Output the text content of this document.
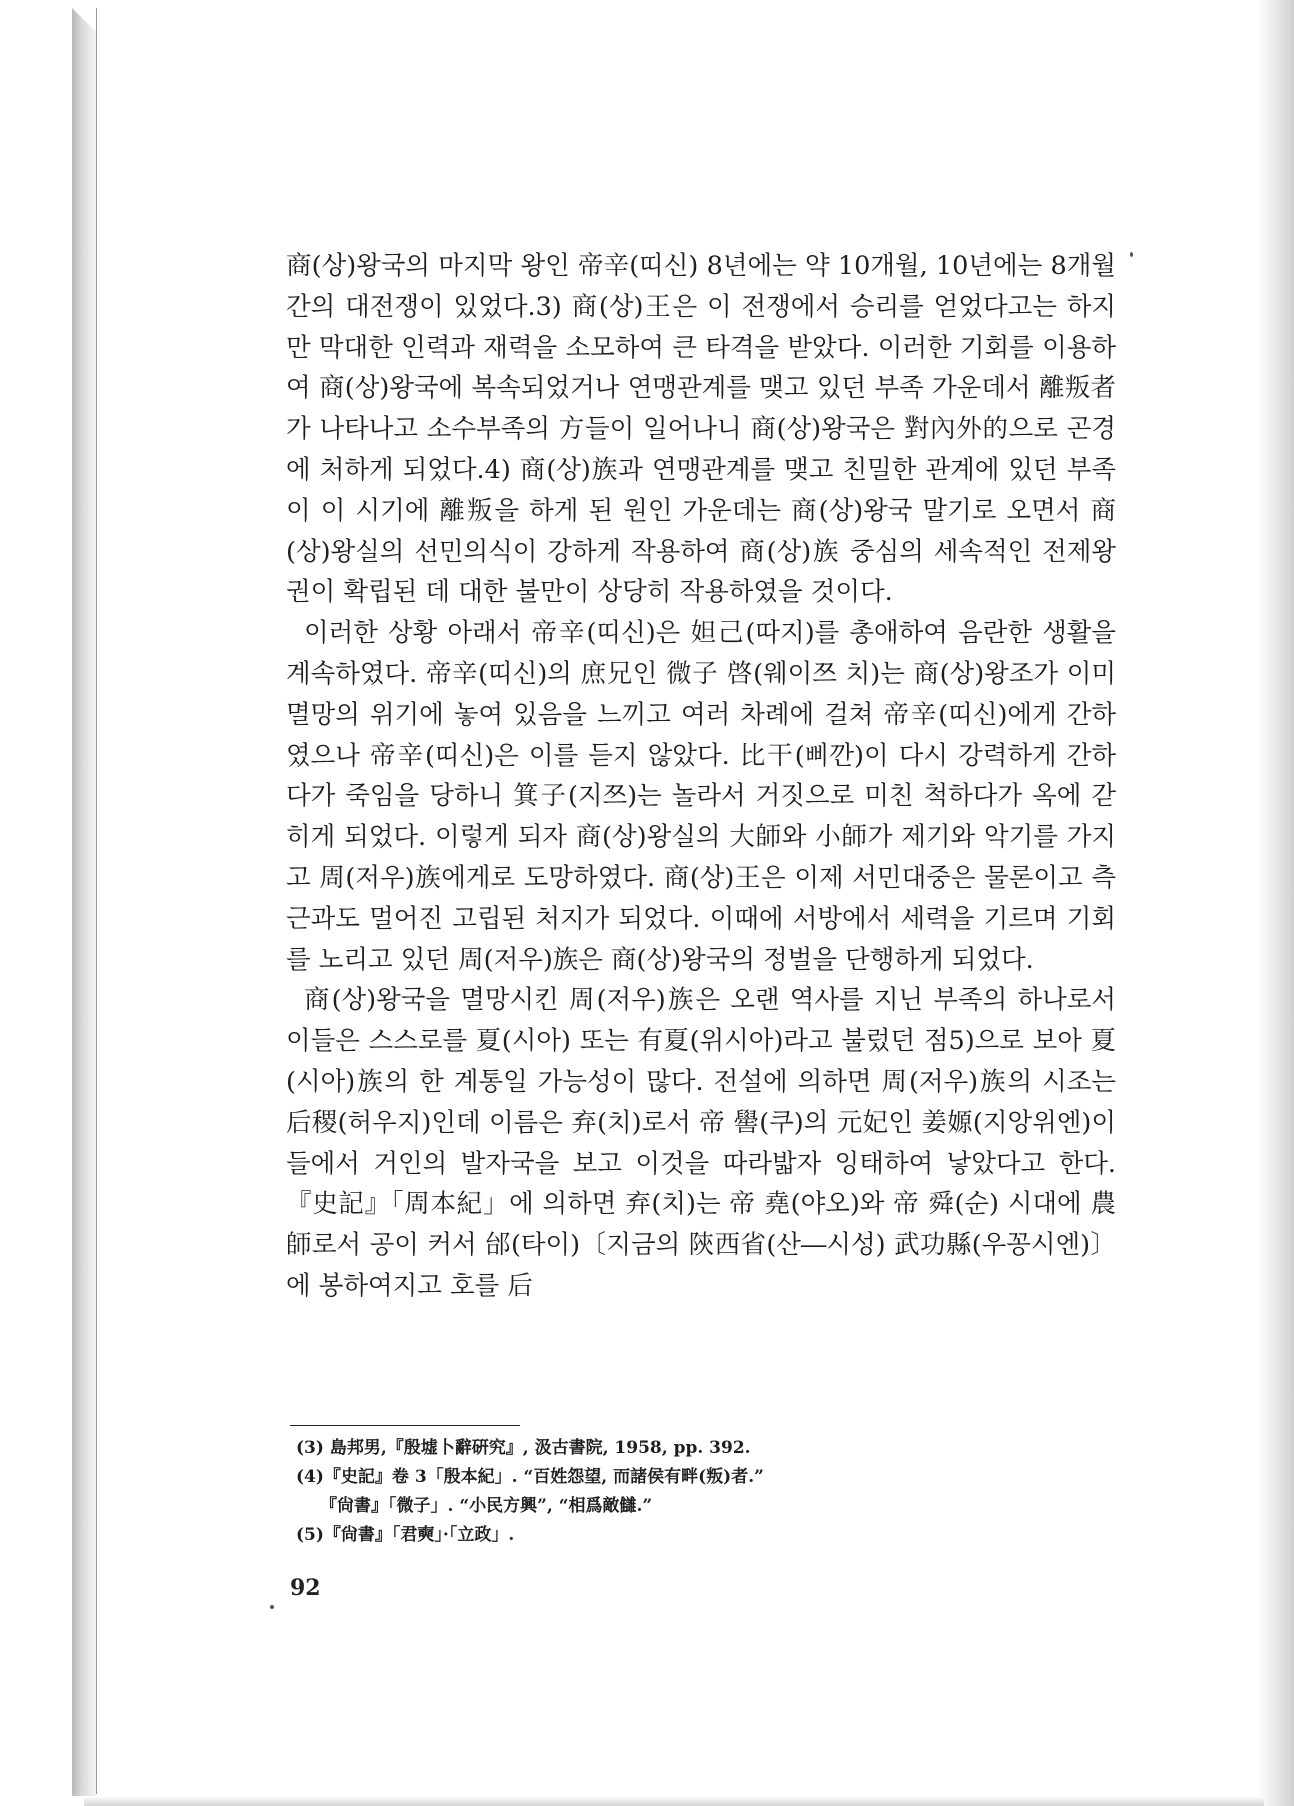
商(상)왕국의 마지막 왕인 帝辛(띠신) 8년에는 약 10개월, 10년에는 8개월간의 대전쟁이 있었다.3) 商(상)王은 이 전쟁에서 승리를 얻었다고는 하지만 막대한 인력과 재력을 소모하여 큰 타격을 받았다. 이러한 기회를 이용하여 商(상)왕국에 복속되었거나 연맹관계를 맺고 있던 부족 가운데서 離叛者가 나타나고 소수부족의 方들이 일어나니 商(상)왕국은 對內外的으로 곤경에 처하게 되었다.4) 商(상)族과 연맹관계를 맺고 친밀한 관계에 있던 부족이 이 시기에 離叛을 하게 된 원인 가운데는 商(상)왕국 말기로 오면서 商(상)왕실의 선민의식이 강하게 작용하여 商(상)族 중심의 세속적인 전제왕권이 확립된 데 대한 불만이 상당히 작용하였을 것이다.

이러한 상황 아래서 帝辛(띠신)은 妲己(따지)를 총애하여 음란한 생활을 계속하였다. 帝辛(띠신)의 庶兄인 微子 啓(웨이쯔 치)는 商(상)왕조가 이미 멸망의 위기에 놓여 있음을 느끼고 여러 차례에 걸쳐 帝辛(띠신)에게 간하였으나 帝辛(띠신)은 이를 듣지 않았다. 比干(삐깐)이 다시 강력하게 간하다가 죽임을 당하니 箕子(지쯔)는 놀라서 거짓으로 미친 척하다가 옥에 갇히게 되었다. 이렇게 되자 商(상)왕실의 大師와 小師가 제기와 악기를 가지고 周(저우)族에게로 도망하였다. 商(상)王은 이제 서민대중은 물론이고 측근과도 멀어진 고립된 처지가 되었다. 이때에 서방에서 세력을 기르며 기회를 노리고 있던 周(저우)族은 商(상)왕국의 정벌을 단행하게 되었다.

商(상)왕국을 멸망시킨 周(저우)族은 오랜 역사를 지닌 부족의 하나로서 이들은 스스로를 夏(시아) 또는 有夏(위시아)라고 불렀던 점5)으로 보아 夏(시아)族의 한 계통일 가능성이 많다. 전설에 의하면 周(저우)族의 시조는 后稷(허우지)인데 이름은 弃(치)로서 帝 嚳(쿠)의 元妃인 姜嫄(지앙위엔)이 들에서 거인의 발자국을 보고 이것을 따라밟자 잉태하여 낳았다고 한다.『史記』「周本紀」에 의하면 弃(치)는 帝 堯(야오)와 帝 舜(순) 시대에 農師로서 공이 커서 邰(타이)〔지금의 陝西省(산―시성) 武功縣(우꽁시엔)〕에 봉하여지고 호를 后

(3) 島邦男,『殷墟卜辭硏究』, 汲古書院, 1958, pp. 392.
(4)『史記』卷 3「殷本紀」. “百姓怨望, 而諸侯有畔(叛)者.”
『尙書』「微子」. “小民方興”, “相爲敵讎.”
(5)『尙書』「君奭」·「立政」.
92
